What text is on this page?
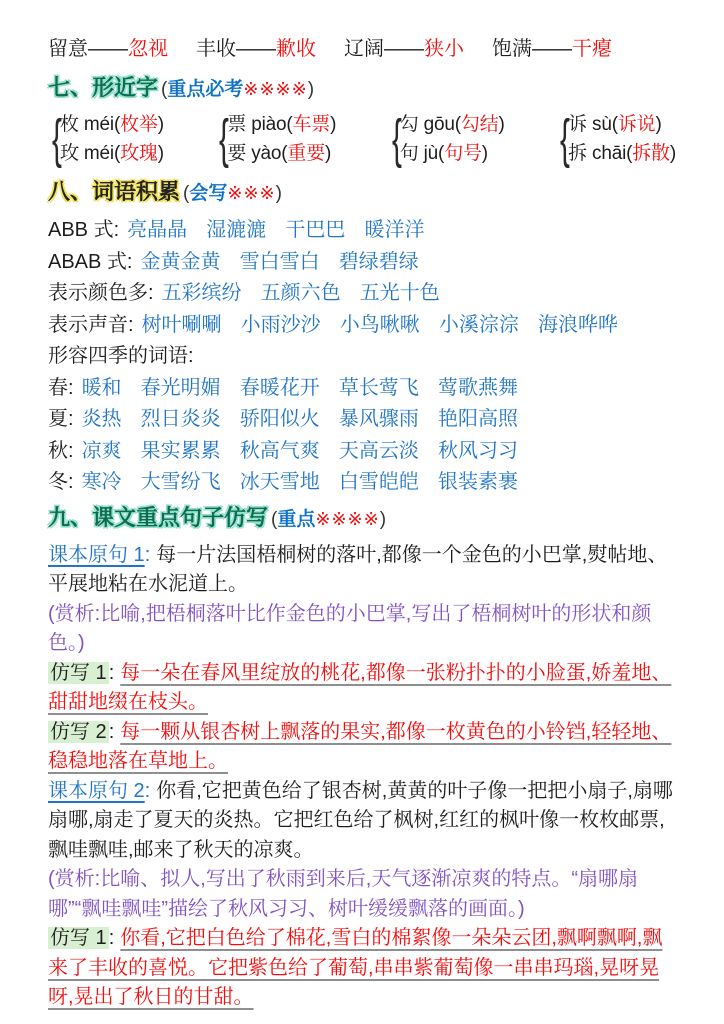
留意——忽视 丰收——歉收 辽阔——狭小 饱满——干瘪

七、形近字 (重点必考※※※※)
{
枚 méi(枚举)
玫 méi(玫瑰) {
票 piào(车票)
要 yào(重要) {
勾 gōu(勾结)
句 jù(句号)	{
诉 sù(诉说)
拆 chāi(拆散)
八、词语积累 (会写※※※)

ABB 式: 亮晶晶  湿漉漉  干巴巴  暖洋洋

ABAB 式: 金黄金黄  雪白雪白  碧绿碧绿

表示颜色多: 五彩缤纷  五颜六色  五光十色

表示声音: 树叶唰唰  小雨沙沙  小鸟啾啾  小溪淙淙  海浪哗哗

形容四季的词语:

春: 暖和  春光明媚  春暖花开  草长莺飞  莺歌燕舞

夏: 炎热  烈日炎炎  骄阳似火  暴风骤雨  艳阳高照

秋: 凉爽  果实累累  秋高气爽  天高云淡  秋风习习

冬: 寒冷  大雪纷飞  冰天雪地  白雪皑皑  银装素裹

九、课文重点句子仿写 (重点※※※※)

课本原句 1: 每一片法国梧桐树的落叶,都像一个金色的小巴掌,熨帖地、平展地粘在水泥道上。

(赏析:比喻,把梧桐落叶比作金色的小巴掌,写出了梧桐树叶的形状和颜色。)

仿写 1 : 每一朵在春风里绽放的桃花,都像一张粉扑扑的小脸蛋,娇羞地、甜甜地缀在枝头。

仿写 2 : 每一颗从银杏树上飘落的果实,都像一枚黄色的小铃铛,轻轻地、稳稳地落在草地上。

课本原句 2: 你看,它把黄色给了银杏树,黄黄的叶子像一把把小扇子,扇哪扇哪,扇走了夏天的炎热。它把红色给了枫树,红红的枫叶像一枚枚邮票,飘哇飘哇,邮来了秋天的凉爽。

(赏析:比喻、拟人,写出了秋雨到来后,天气逐渐凉爽的特点。“扇哪扇哪”“飘哇飘哇”描绘了秋风习习、树叶缓缓飘落的画面。)

仿写 1 : 你看,它把白色给了棉花,雪白的棉絮像一朵朵云团,飘啊飘啊,飘来了丰收的喜悦。它把紫色给了葡萄,串串紫葡萄像一串串玛瑙,晃呀晃呀,晃出了秋日的甘甜。
